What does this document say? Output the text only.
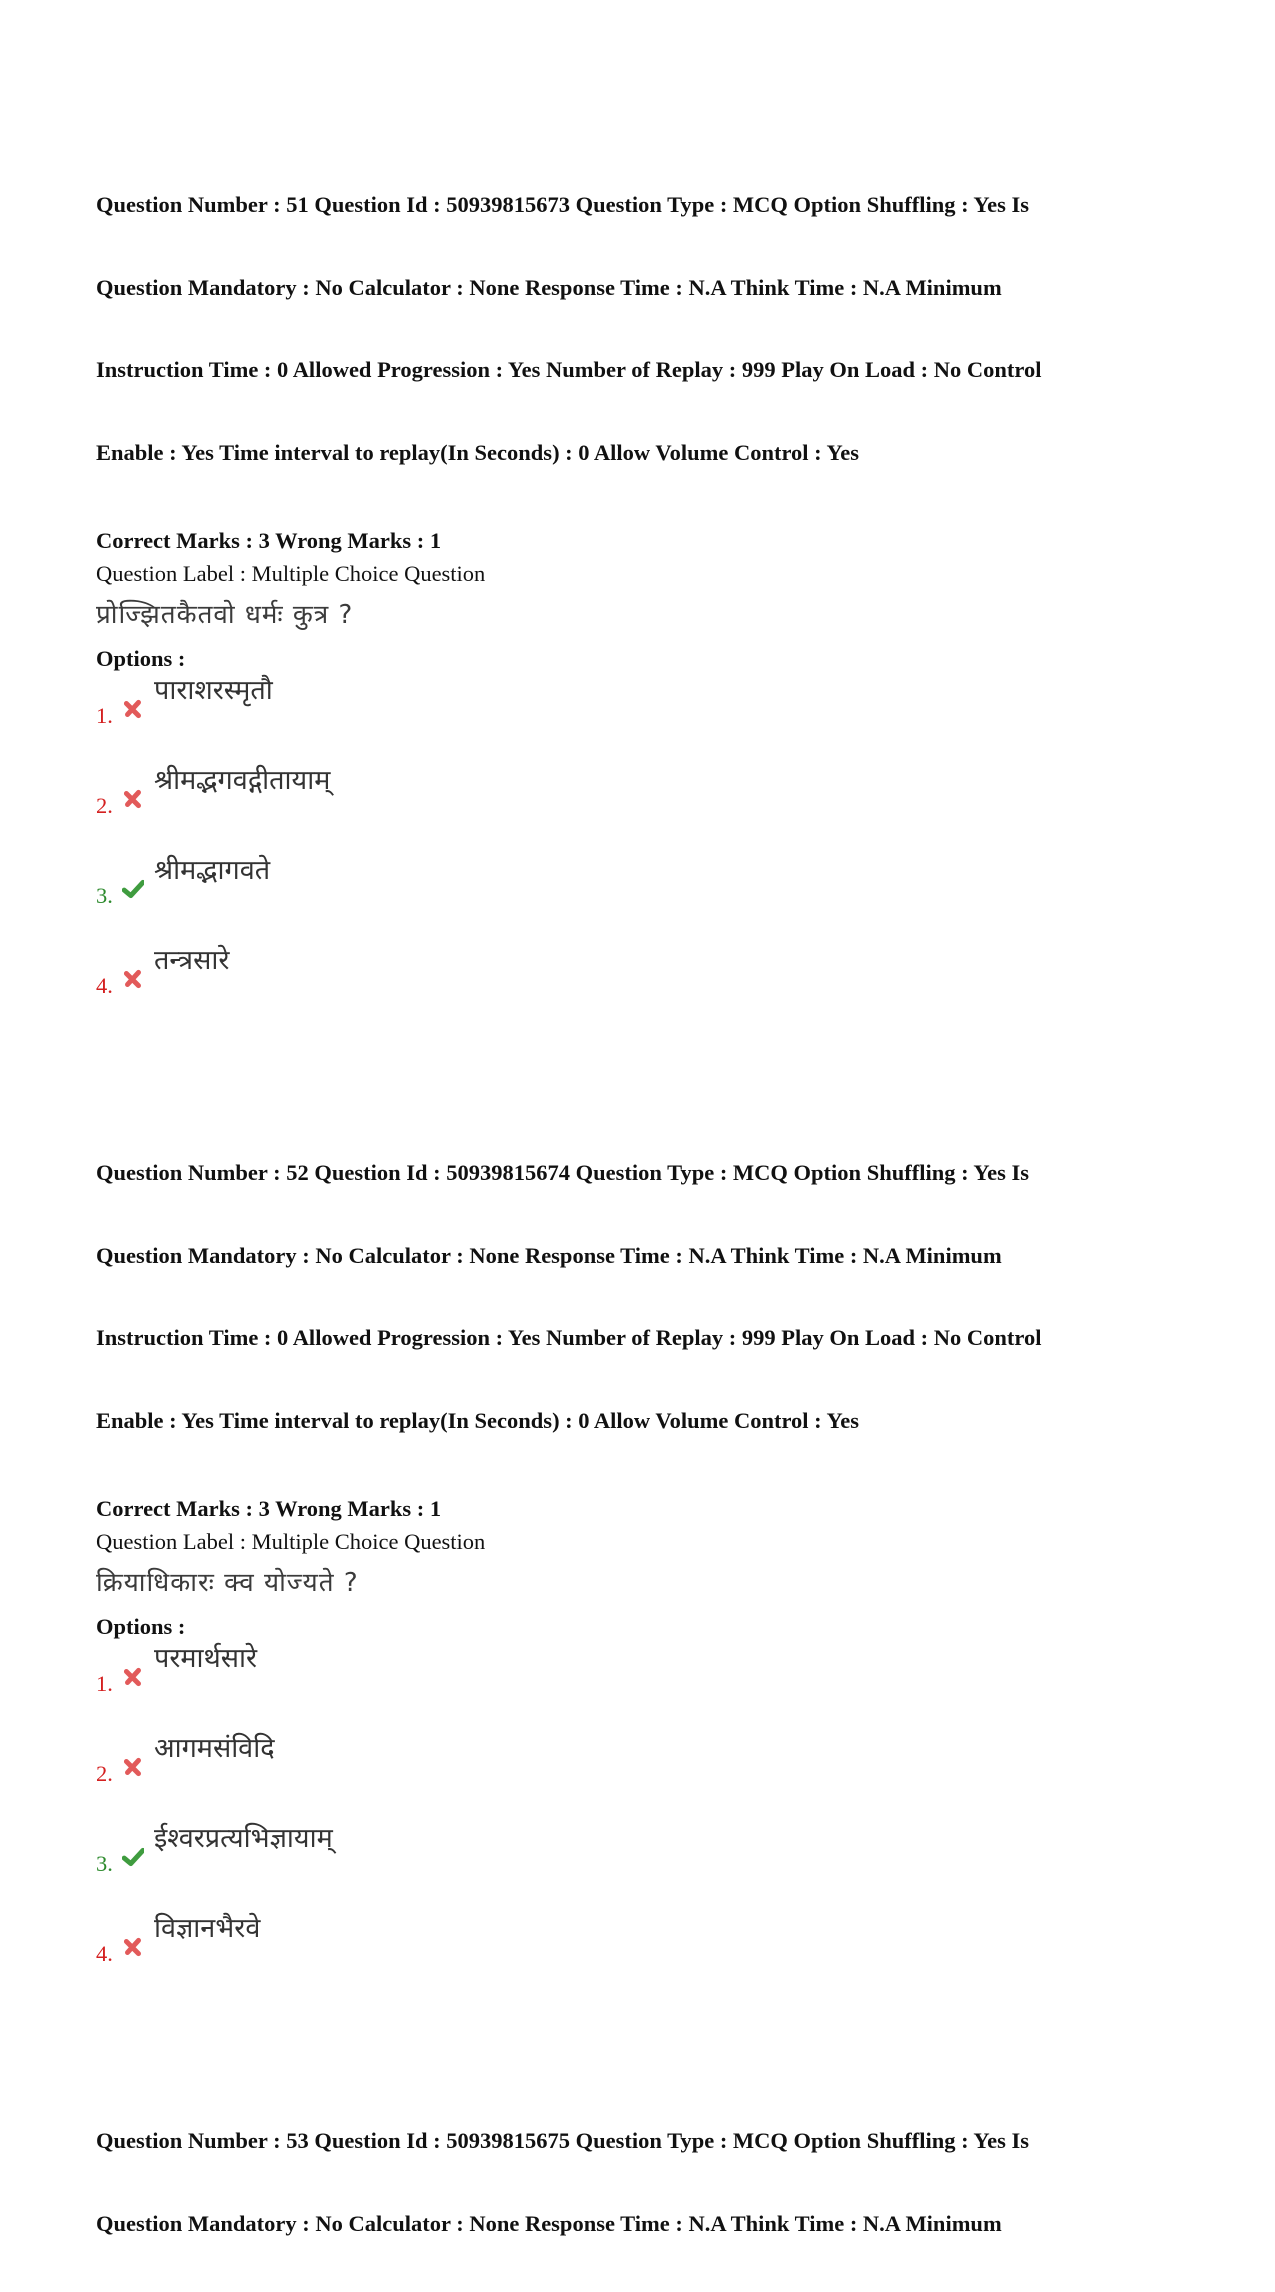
Question Number : 51 Question Id : 50939815673 Question Type : MCQ Option Shuffling : Yes Is

Question Mandatory : No Calculator : None Response Time : N.A Think Time : N.A Minimum

Instruction Time : 0 Allowed Progression : Yes Number of Replay : 999 Play On Load : No Control

Enable : Yes Time interval to replay(In Seconds) : 0 Allow Volume Control : Yes

Correct Marks : 3 Wrong Marks : 1
Question Label : Multiple Choice Question
प्रोज्झितकैतवो धर्मः कुत्र ?
Options :
1.
पाराशरस्मृतौ
2.
श्रीमद्भगवद्गीतायाम्
3.
श्रीमद्भागवते
4.
तन्त्रसारे

Question Number : 52 Question Id : 50939815674 Question Type : MCQ Option Shuffling : Yes Is

Question Mandatory : No Calculator : None Response Time : N.A Think Time : N.A Minimum

Instruction Time : 0 Allowed Progression : Yes Number of Replay : 999 Play On Load : No Control

Enable : Yes Time interval to replay(In Seconds) : 0 Allow Volume Control : Yes

Correct Marks : 3 Wrong Marks : 1
Question Label : Multiple Choice Question
क्रियाधिकारः क्व योज्यते ?
Options :
1.
परमार्थसारे
2.
आगमसंविदि
3.
ईश्वरप्रत्यभिज्ञायाम्
4.
विज्ञानभैरवे

Question Number : 53 Question Id : 50939815675 Question Type : MCQ Option Shuffling : Yes Is

Question Mandatory : No Calculator : None Response Time : N.A Think Time : N.A Minimum
